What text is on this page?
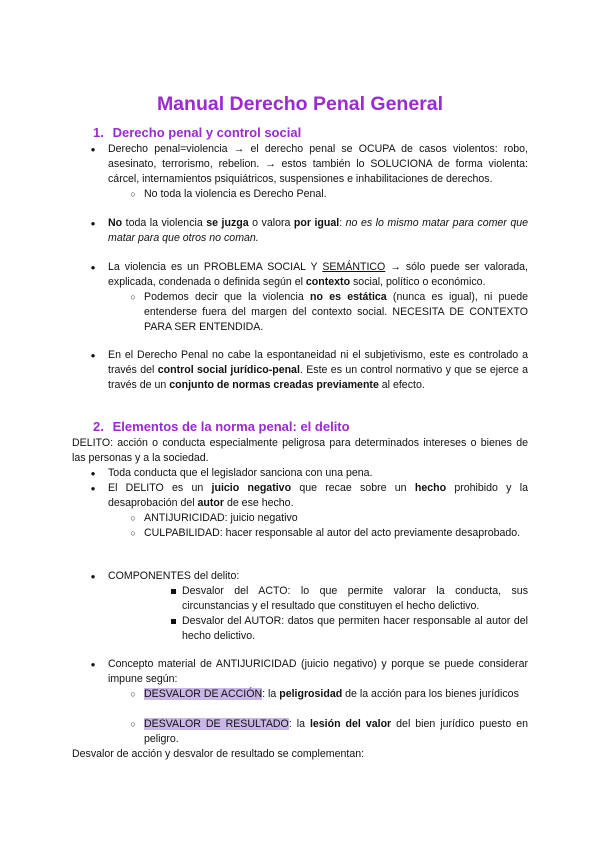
Manual Derecho Penal General
1. Derecho penal y control social
● Derecho penal=violencia → el derecho penal se OCUPA de casos violentos: robo, asesinato, terrorismo, rebelion. → estos también lo SOLUCIONA de forma violenta: cárcel, internamientos psiquiátricos, suspensiones e inhabilitaciones de derechos.
○ No toda la violencia es Derecho Penal.
● No toda la violencia se juzga o valora por igual: no es lo mismo matar para comer que matar para que otros no coman.
● La violencia es un PROBLEMA SOCIAL Y SEMÁNTICO → sólo puede ser valorada, explicada, condenada o definida según el contexto social, político o económico.
○ Podemos decir que la violencia no es estática (nunca es igual), ni puede entenderse fuera del margen del contexto social. NECESITA DE CONTEXTO PARA SER ENTENDIDA.
● En el Derecho Penal no cabe la espontaneidad ni el subjetivismo, este es controlado a través del control social jurídico-penal. Este es un control normativo y que se ejerce a través de un conjunto de normas creadas previamente al efecto.
2. Elementos de la norma penal: el delito
DELITO: acción o conducta especialmente peligrosa para determinados intereses o bienes de las personas y a la sociedad.
● Toda conducta que el legislador sanciona con una pena.
● El DELITO es un juicio negativo que recae sobre un hecho prohibido y la desaprobación del autor de ese hecho.
○ ANTIJURICIDAD: juicio negativo
○ CULPABILIDAD: hacer responsable al autor del acto previamente desaprobado.
● COMPONENTES del delito:
Desvalor del ACTO: lo que permite valorar la conducta, sus circunstancias y el resultado que constituyen el hecho delictivo.
Desvalor del AUTOR: datos que permiten hacer responsable al autor del hecho delictivo.
● Concepto material de ANTIJURICIDAD (juicio negativo) y porque se puede considerar impune según:
○ DESVALOR DE ACCIÓN: la peligrosidad de la acción para los bienes jurídicos
○ DESVALOR DE RESULTADO: la lesión del valor del bien jurídico puesto en peligro.
Desvalor de acción y desvalor de resultado se complementan:
